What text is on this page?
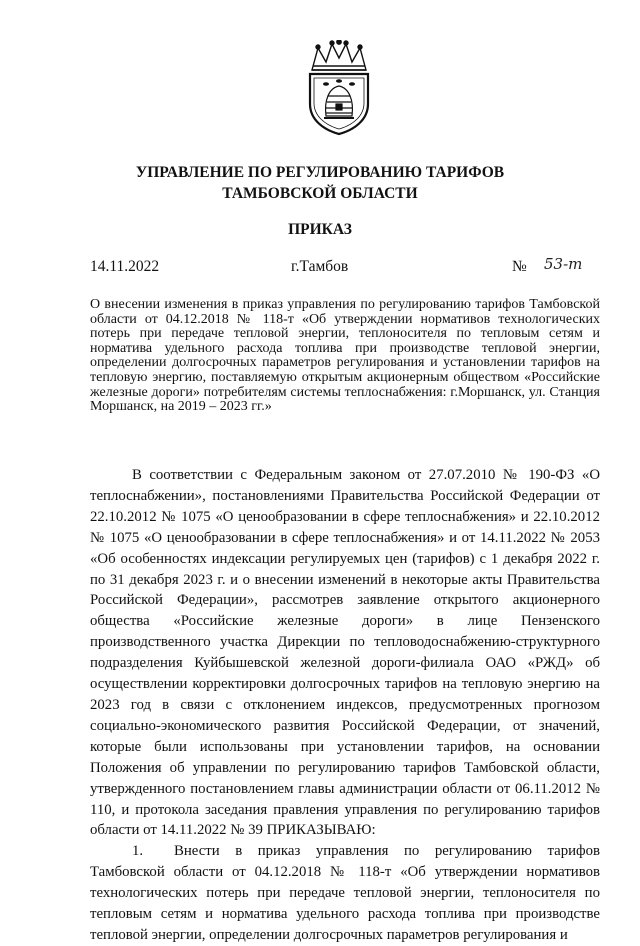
УПРАВЛЕНИЕ ПО РЕГУЛИРОВАНИЮ ТАРИФОВ
ТАМБОВСКОЙ ОБЛАСТИ
ПРИКАЗ
14.11.2022	г.Тамбов	№ 53-т
О внесении изменения в приказ управления по регулированию тарифов Тамбовской области от 04.12.2018 № 118-т «Об утверждении нормативов технологических потерь при передаче тепловой энергии, теплоносителя по тепловым сетям и норматива удельного расхода топлива при производстве тепловой энергии, определении долгосрочных параметров регулирования и установлении тарифов на тепловую энергию, поставляемую открытым акционерным обществом «Российские железные дороги» потребителям системы теплоснабжения: г.Моршанск, ул. Станция Моршанск, на 2019 – 2023 гг.»

В соответствии с Федеральным законом от 27.07.2010 № 190-ФЗ «О теплоснабжении», постановлениями Правительства Российской Федерации от 22.10.2012 № 1075 «О ценообразовании в сфере теплоснабжения» и 22.10.2012 № 1075 «О ценообразовании в сфере теплоснабжения» и от 14.11.2022 № 2053 «Об особенностях индексации регулируемых цен (тарифов) с 1 декабря 2022 г. по 31 декабря 2023 г. и о внесении изменений в некоторые акты Правительства Российской Федерации», рассмотрев заявление открытого акционерного общества «Российские железные дороги» в лице Пензенского производственного участка Дирекции по тепловодоснабжению-структурного подразделения Куйбышевской железной дороги-филиала ОАО «РЖД» об осуществлении корректировки долгосрочных тарифов на тепловую энергию на 2023 год в связи с отклонением индексов, предусмотренных прогнозом социально-экономического развития Российской Федерации, от значений, которые были использованы при установлении тарифов, на основании Положения об управлении по регулированию тарифов Тамбовской области, утвержденного постановлением главы администрации области от 06.11.2012 № 110, и протокола заседания правления управления по регулированию тарифов области от 14.11.2022 № 39 ПРИКАЗЫВАЮ:

1. Внести в приказ управления по регулированию тарифов Тамбовской области от 04.12.2018 № 118-т «Об утверждении нормативов технологических потерь при передаче тепловой энергии, теплоносителя по тепловым сетям и норматива удельного расхода топлива при производстве тепловой энергии, определении долгосрочных параметров регулирования и
